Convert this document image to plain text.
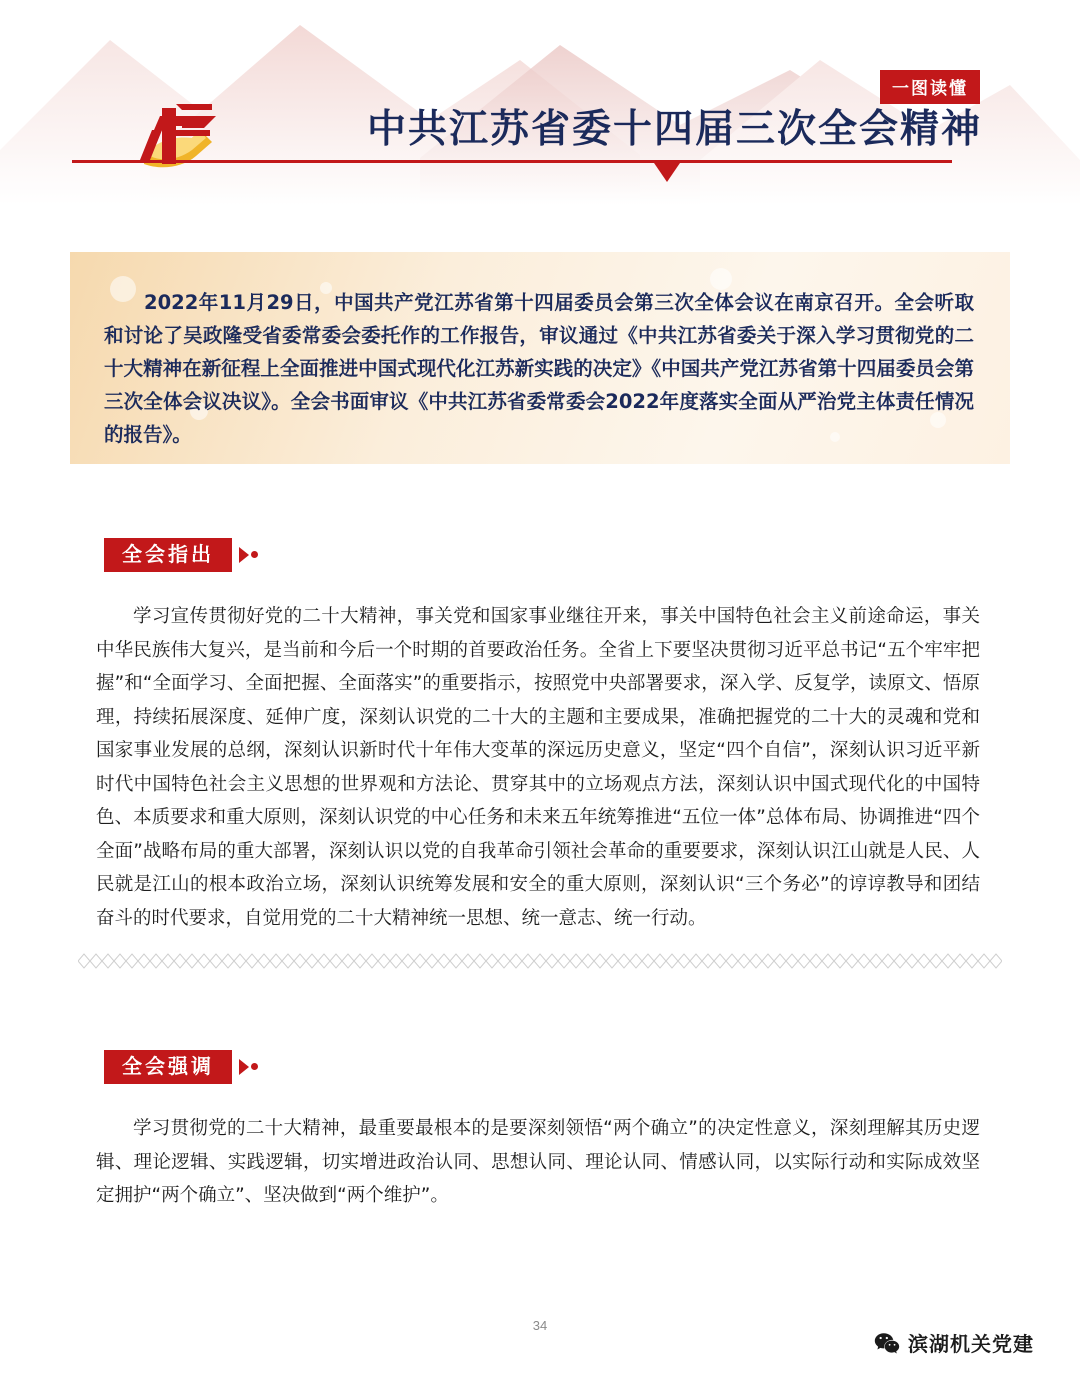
一图读懂
中共江苏省委十四届三次全会精神
2022年11月29日，中国共产党江苏省第十四届委员会第三次全体会议在南京召开。全会听取和讨论了吴政隆受省委常委会委托作的工作报告，审议通过《中共江苏省委关于深入学习贯彻党的二十大精神在新征程上全面推进中国式现代化江苏新实践的决定》《中国共产党江苏省第十四届委员会第三次全体会议决议》。全会书面审议《中共江苏省委常委会2022年度落实全面从严治党主体责任情况的报告》。
全会指出
学习宣传贯彻好党的二十大精神，事关党和国家事业继往开来，事关中国特色社会主义前途命运，事关中华民族伟大复兴，是当前和今后一个时期的首要政治任务。全省上下要坚决贯彻习近平总书记“五个牢牢把握”和“全面学习、全面把握、全面落实”的重要指示，按照党中央部署要求，深入学、反复学，读原文、悟原理，持续拓展深度、延伸广度，深刻认识党的二十大的主题和主要成果，准确把握党的二十大的灵魂和党和国家事业发展的总纲，深刻认识新时代十年伟大变革的深远历史意义，坚定“四个自信”，深刻认识习近平新时代中国特色社会主义思想的世界观和方法论、贯穿其中的立场观点方法，深刻认识中国式现代化的中国特色、本质要求和重大原则，深刻认识党的中心任务和未来五年统筹推进“五位一体”总体布局、协调推进“四个全面”战略布局的重大部署，深刻认识以党的自我革命引领社会革命的重要要求，深刻认识江山就是人民、人民就是江山的根本政治立场，深刻认识统筹发展和安全的重大原则，深刻认识“三个务必”的谆谆教导和团结奋斗的时代要求，自觉用党的二十大精神统一思想、统一意志、统一行动。
全会强调
学习贯彻党的二十大精神，最重要最根本的是要深刻领悟“两个确立”的决定性意义，深刻理解其历史逻辑、理论逻辑、实践逻辑，切实增进政治认同、思想认同、理论认同、情感认同，以实际行动和实际成效坚定拥护“两个确立”、坚决做到“两个维护”。
34
滨湖机关党建
